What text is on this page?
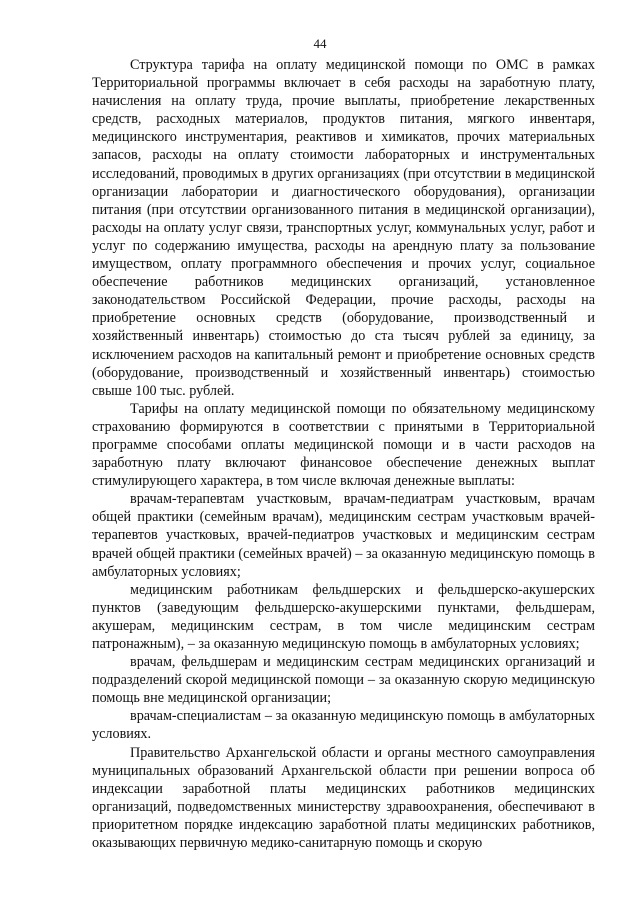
44

Структура тарифа на оплату медицинской помощи по ОМС в рамках Территориальной программы включает в себя расходы на заработную плату, начисления на оплату труда, прочие выплаты, приобретение лекарственных средств, расходных материалов, продуктов питания, мягкого инвентаря, медицинского инструментария, реактивов и химикатов, прочих материальных запасов, расходы на оплату стоимости лабораторных и инструментальных исследований, проводимых в других организациях (при отсутствии в медицинской организации лаборатории и диагностического оборудования), организации питания (при отсутствии организованного питания в медицинской организации), расходы на оплату услуг связи, транспортных услуг, коммунальных услуг, работ и услуг по содержанию имущества, расходы на арендную плату за пользование имуществом, оплату программного обеспечения и прочих услуг, социальное обеспечение работников медицинских организаций, установленное законодательством Российской Федерации, прочие расходы, расходы на приобретение основных средств (оборудование, производственный и хозяйственный инвентарь) стоимостью до ста тысяч рублей за единицу, за исключением расходов на капитальный ремонт и приобретение основных средств (оборудование, производственный и хозяйственный инвентарь) стоимостью свыше 100 тыс. рублей.

Тарифы на оплату медицинской помощи по обязательному медицинскому страхованию формируются в соответствии с принятыми в Территориальной программе способами оплаты медицинской помощи и в части расходов на заработную плату включают финансовое обеспечение денежных выплат стимулирующего характера, в том числе включая денежные выплаты:

врачам-терапевтам участковым, врачам-педиатрам участковым, врачам общей практики (семейным врачам), медицинским сестрам участковым врачей-терапевтов участковых, врачей-педиатров участковых и медицинским сестрам врачей общей практики (семейных врачей) – за оказанную медицинскую помощь в амбулаторных условиях;

медицинским работникам фельдшерских и фельдшерско-акушерских пунктов (заведующим фельдшерско-акушерскими пунктами, фельдшерам, акушерам, медицинским сестрам, в том числе медицинским сестрам патронажным), – за оказанную медицинскую помощь в амбулаторных условиях;

врачам, фельдшерам и медицинским сестрам медицинских организаций и подразделений скорой медицинской помощи – за оказанную скорую медицинскую помощь вне медицинской организации;

врачам-специалистам – за оказанную медицинскую помощь в амбулаторных условиях.

Правительство Архангельской области и органы местного самоуправления муниципальных образований Архангельской области при решении вопроса об индексации заработной платы медицинских работников медицинских организаций, подведомственных министерству здравоохранения, обеспечивают в приоритетном порядке индексацию заработной платы медицинских работников, оказывающих первичную медико-санитарную помощь и скорую
